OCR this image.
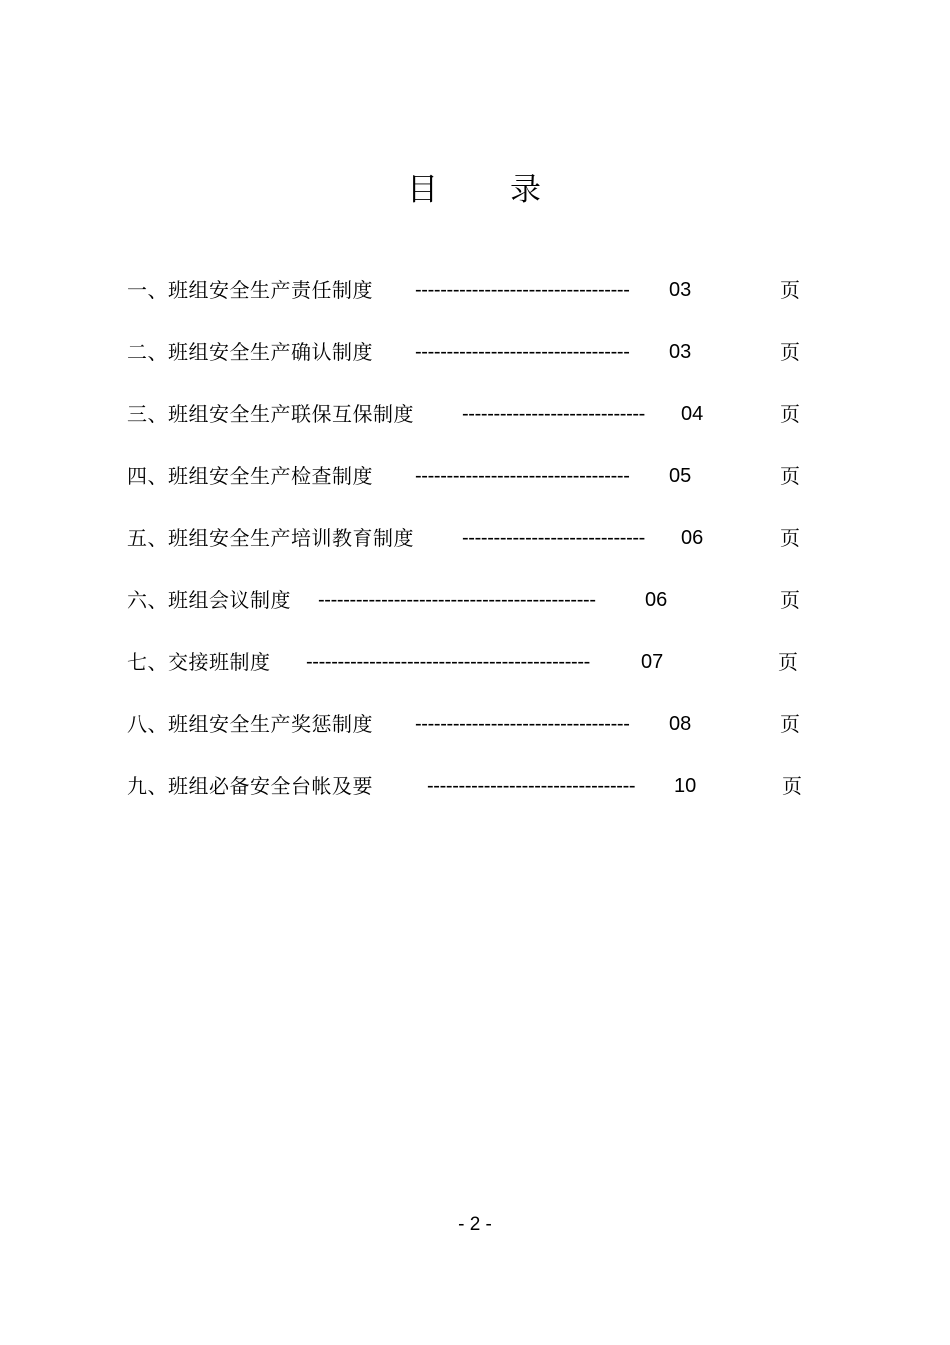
目 录
一、班组安全生产责任制度 ---------------------------------- 03	页
二、班组安全生产确认制度 ---------------------------------- 03	页
三、班组安全生产联保互保制度 ----------------------------- 04	页
四、班组安全生产检查制度 ---------------------------------- 05	页
五、班组安全生产培训教育制度 ----------------------------- 06	页
六、班组会议制度 -------------------------------------------- 06	页
七、交接班制度 ---------------------------------------------	07	页
八、班组安全生产奖惩制度 ---------------------------------- 08	页
九、班组必备安全台帐及要	--------------------------------- 10	页
- 2 -
